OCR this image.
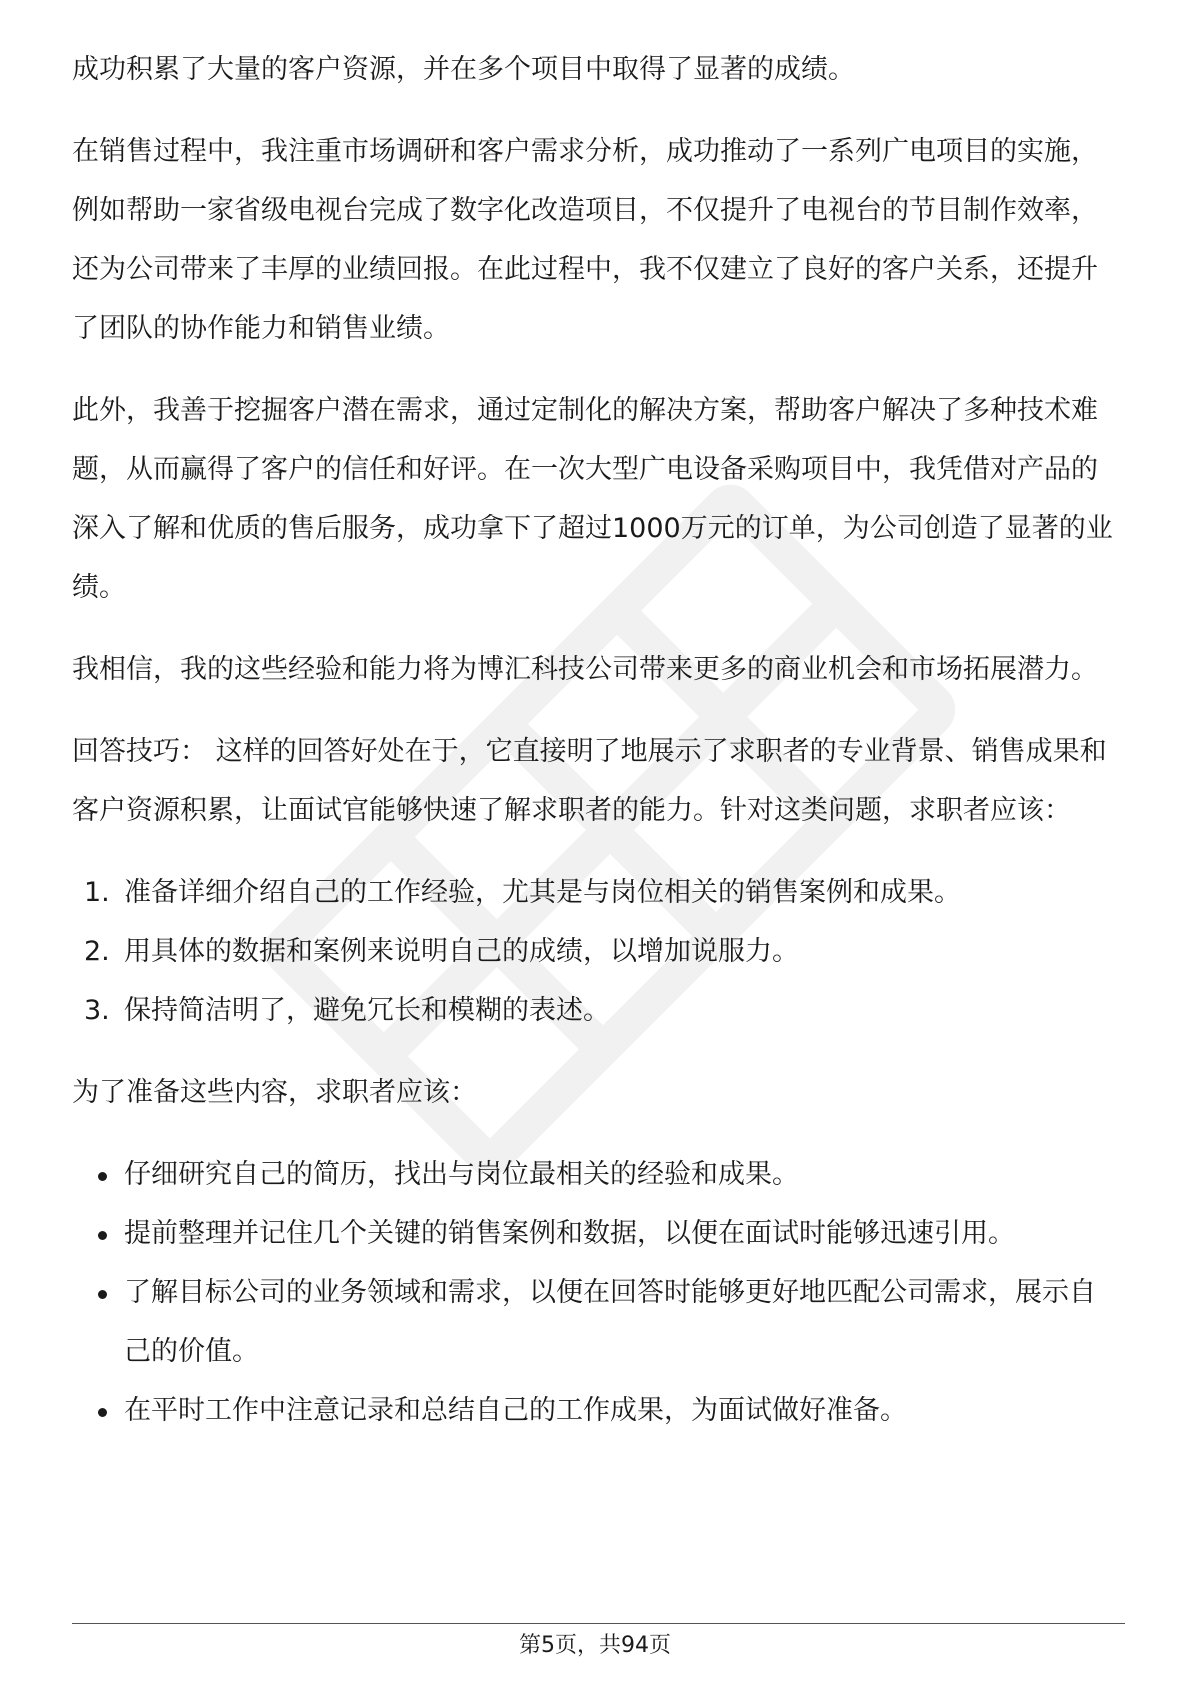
成功积累了大量的客户资源，并在多个项目中取得了显著的成绩。

在销售过程中，我注重市场调研和客户需求分析，成功推动了一系列广电项目的实施，例如帮助一家省级电视台完成了数字化改造项目，不仅提升了电视台的节目制作效率，还为公司带来了丰厚的业绩回报。在此过程中，我不仅建立了良好的客户关系，还提升了团队的协作能力和销售业绩。

此外，我善于挖掘客户潜在需求，通过定制化的解决方案，帮助客户解决了多种技术难题，从而赢得了客户的信任和好评。在一次大型广电设备采购项目中，我凭借对产品的深入了解和优质的售后服务，成功拿下了超过1000万元的订单，为公司创造了显著的业绩。

我相信，我的这些经验和能力将为博汇科技公司带来更多的商业机会和市场拓展潜力。

回答技巧： 这样的回答好处在于，它直接明了地展示了求职者的专业背景、销售成果和客户资源积累，让面试官能够快速了解求职者的能力。针对这类问题，求职者应该：

1. 准备详细介绍自己的工作经验，尤其是与岗位相关的销售案例和成果。
2. 用具体的数据和案例来说明自己的成绩，以增加说服力。
3. 保持简洁明了，避免冗长和模糊的表述。

为了准备这些内容，求职者应该：

仔细研究自己的简历，找出与岗位最相关的经验和成果。
提前整理并记住几个关键的销售案例和数据，以便在面试时能够迅速引用。
了解目标公司的业务领域和需求，以便在回答时能够更好地匹配公司需求，展示自己的价值。
在平时工作中注意记录和总结自己的工作成果，为面试做好准备。
第5页，共94页
